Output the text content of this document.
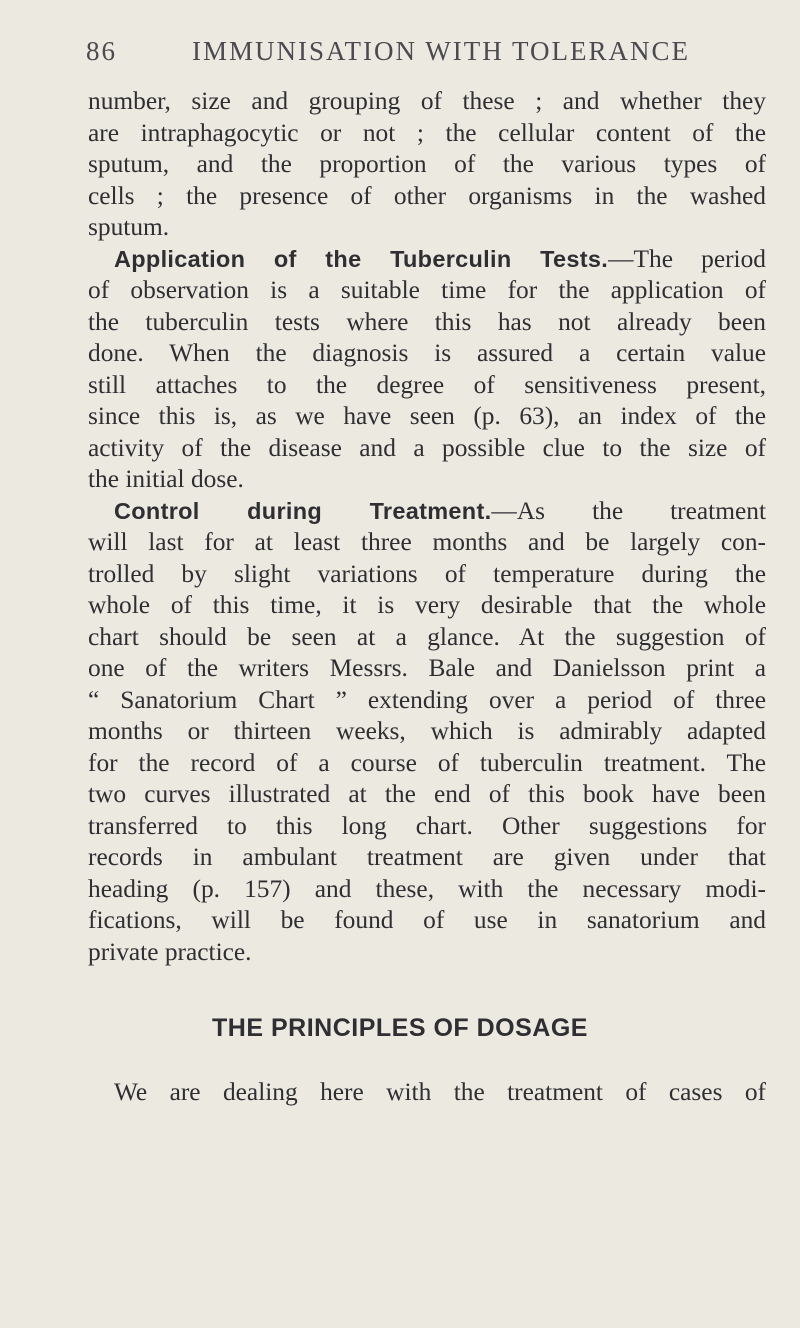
86	IMMUNISATION WITH TOLERANCE
number, size and grouping of these ; and whether they
are intraphagocytic or not ; the cellular content of the
sputum, and the proportion of the various types of
cells ; the presence of other organisms in the washed
sputum.
Application of the Tuberculin Tests.—The period
of observation is a suitable time for the application of
the tuberculin tests where this has not already been
done. When the diagnosis is assured a certain value
still attaches to the degree of sensitiveness present,
since this is, as we have seen (p. 63), an index of the
activity of the disease and a possible clue to the size of
the initial dose.
Control during Treatment.—As the treatment
will last for at least three months and be largely con-
trolled by slight variations of temperature during the
whole of this time, it is very desirable that the whole
chart should be seen at a glance. At the suggestion of
one of the writers Messrs. Bale and Danielsson print a
“ Sanatorium Chart ” extending over a period of three
months or thirteen weeks, which is admirably adapted
for the record of a course of tuberculin treatment. The
two curves illustrated at the end of this book have been
transferred to this long chart. Other suggestions for
records in ambulant treatment are given under that
heading (p. 157) and these, with the necessary modi-
fications, will be found of use in sanatorium and
private practice.
THE PRINCIPLES OF DOSAGE
We are dealing here with the treatment of cases of
